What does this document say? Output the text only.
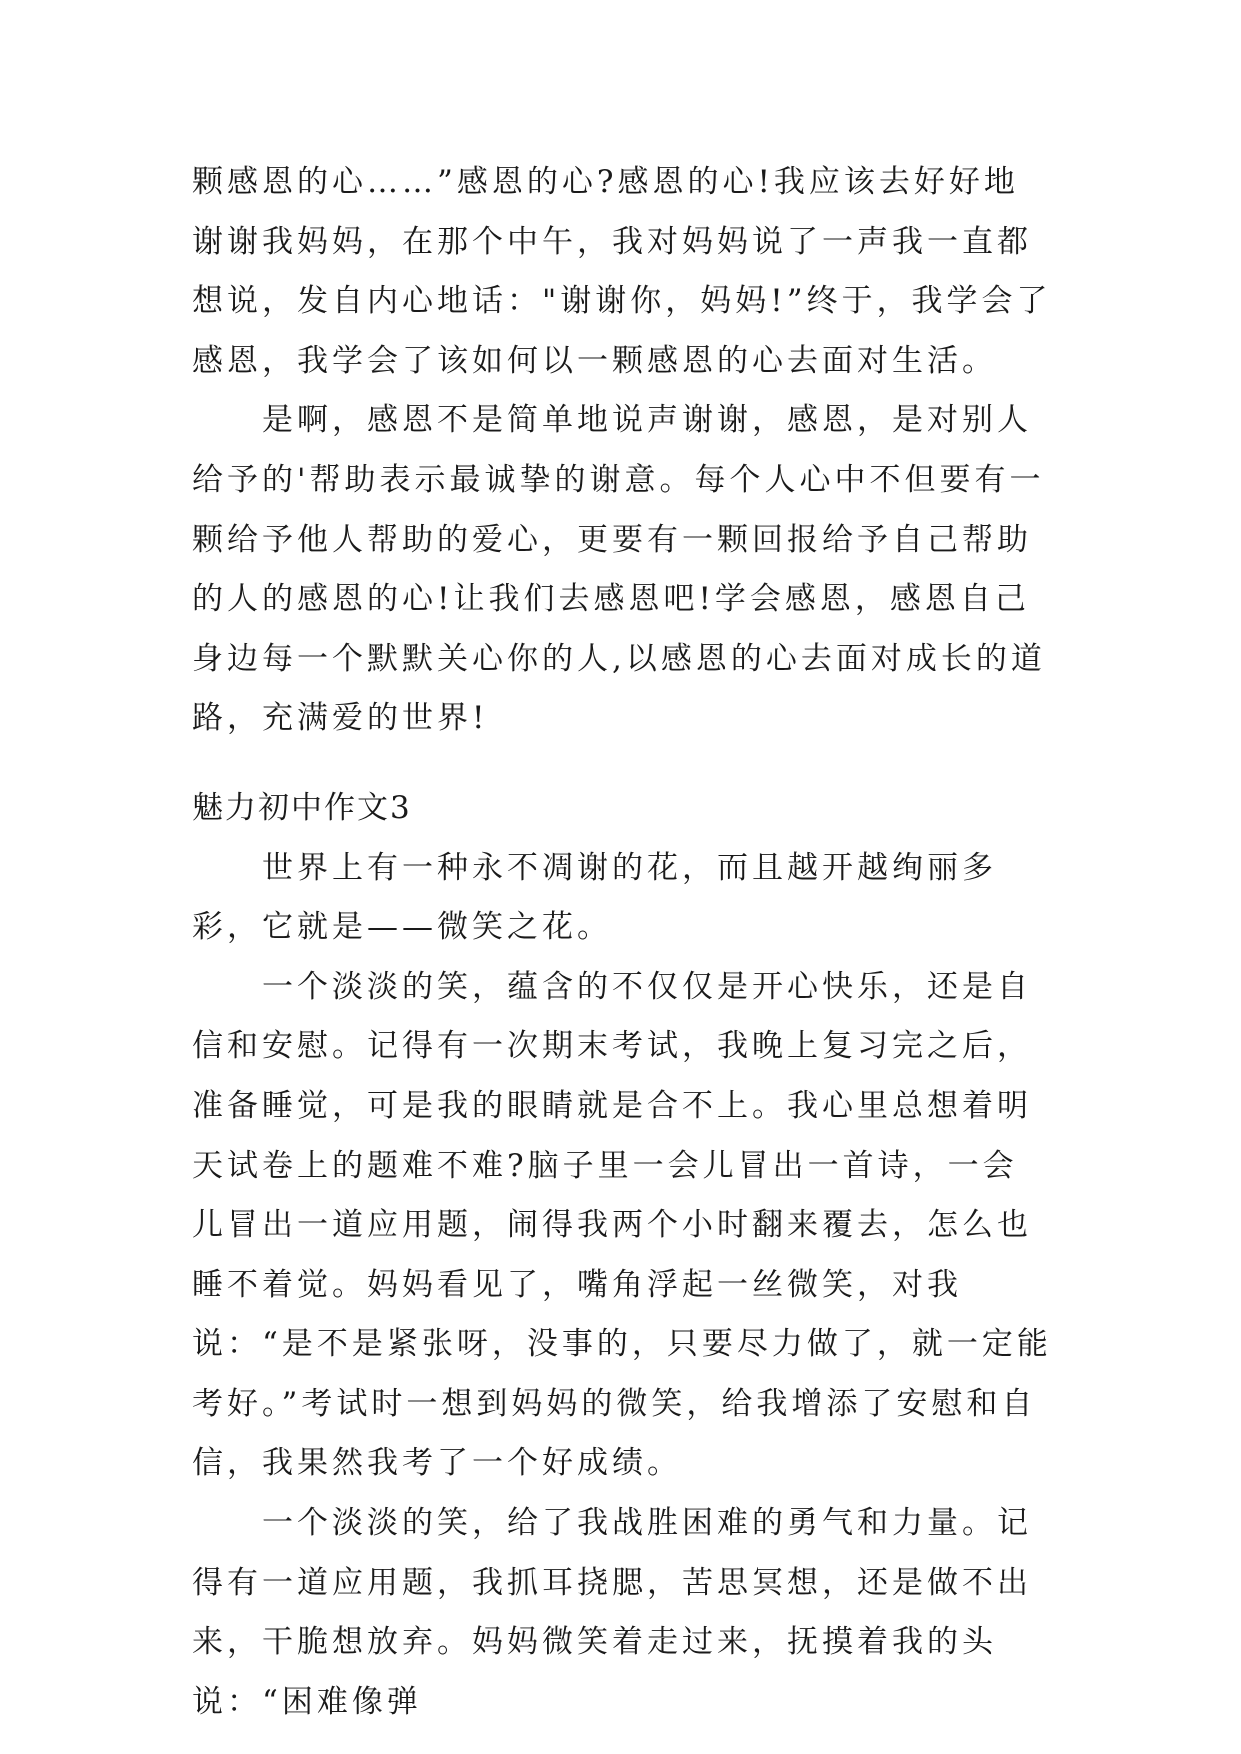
颗感恩的心……”感恩的心?感恩的心!我应该去好好地谢谢我妈妈，在那个中午，我对妈妈说了一声我一直都想说，发自内心地话："谢谢你，妈妈!”终于，我学会了感恩，我学会了该如何以一颗感恩的心去面对生活。

是啊，感恩不是简单地说声谢谢，感恩，是对别人给予的'帮助表示最诚挚的谢意。每个人心中不但要有一颗给予他人帮助的爱心，更要有一颗回报给予自己帮助的人的感恩的心!让我们去感恩吧!学会感恩，感恩自己身边每一个默默关心你的人,以感恩的心去面对成长的道路，充满爱的世界!

魅力初中作文3

世界上有一种永不凋谢的花，而且越开越绚丽多彩，它就是——微笑之花。

一个淡淡的笑，蕴含的不仅仅是开心快乐，还是自信和安慰。记得有一次期末考试，我晚上复习完之后，准备睡觉，可是我的眼睛就是合不上。我心里总想着明天试卷上的题难不难?脑子里一会儿冒出一首诗，一会儿冒出一道应用题，闹得我两个小时翻来覆去，怎么也睡不着觉。妈妈看见了，嘴角浮起一丝微笑，对我说：“是不是紧张呀，没事的，只要尽力做了，就一定能考好。”考试时一想到妈妈的微笑，给我增添了安慰和自信，我果然我考了一个好成绩。

一个淡淡的笑，给了我战胜困难的勇气和力量。记得有一道应用题，我抓耳挠腮，苦思冥想，还是做不出来，干脆想放弃。妈妈微笑着走过来，抚摸着我的头说：“困难像弹
